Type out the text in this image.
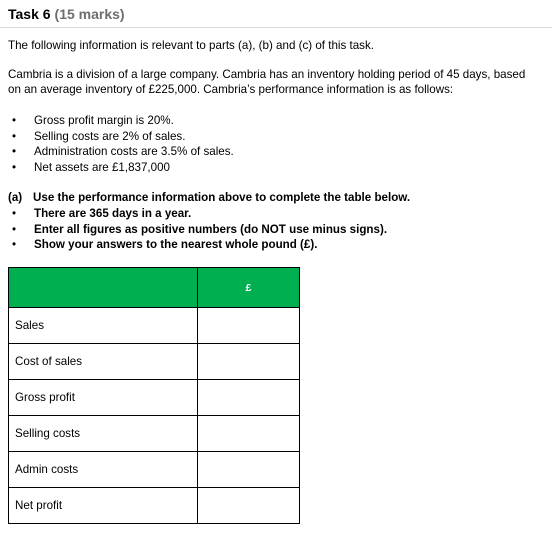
Task 6 (15 marks)
The following information is relevant to parts (a), (b) and (c) of this task.
Cambria is a division of a large company. Cambria has an inventory holding period of 45 days, based
on an average inventory of £225,000. Cambria’s performance information is as follows:
• Gross profit margin is 20%.
• Selling costs are 2% of sales.
• Administration costs are 3.5% of sales.
• Net assets are £1,837,000
(a) Use the performance information above to complete the table below.
• There are 365 days in a year.
• Enter all figures as positive numbers (do NOT use minus signs).
• Show your answers to the nearest whole pound (£).
	£
Sales	
Cost of sales	
Gross profit	
Selling costs	
Admin costs	
Net profit	
